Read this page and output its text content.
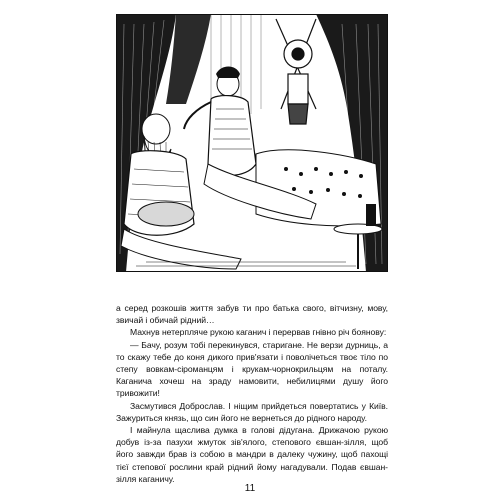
а серед розкошів життя забув ти про батька свого, вітчизну, мову, звичай і обичай рідний…

Махнув нетерпляче рукою каганич і перервав гнівно річ боянову:

— Бачу, розум тобі перекинувся, старигане. Не верзи дурниць, а то скажу тебе до коня дикого прив'язати і поволічеться твоє тіло по степу вовкам-сіроманцям і крукам-чорнокрильцям на поталу. Каганича хочеш на зраду намовити, небилицями душу його тривожити!

Засмутився Доброслав. І ніщим прийдеться повертатись у Київ. Зажуриться князь, що син його не вернеться до рідного народу.

І майнула щаслива думка в голові дідугана. Дрижачою рукою добув із-за пазухи жмуток зів'ялого, степового євшан-зілля, щоб його завжди брав із собою в мандри в далеку чужину, щоб пахощі тієї степової рослини край рідний йому нагадували. Подав євшан-зілля каганичу.

11
